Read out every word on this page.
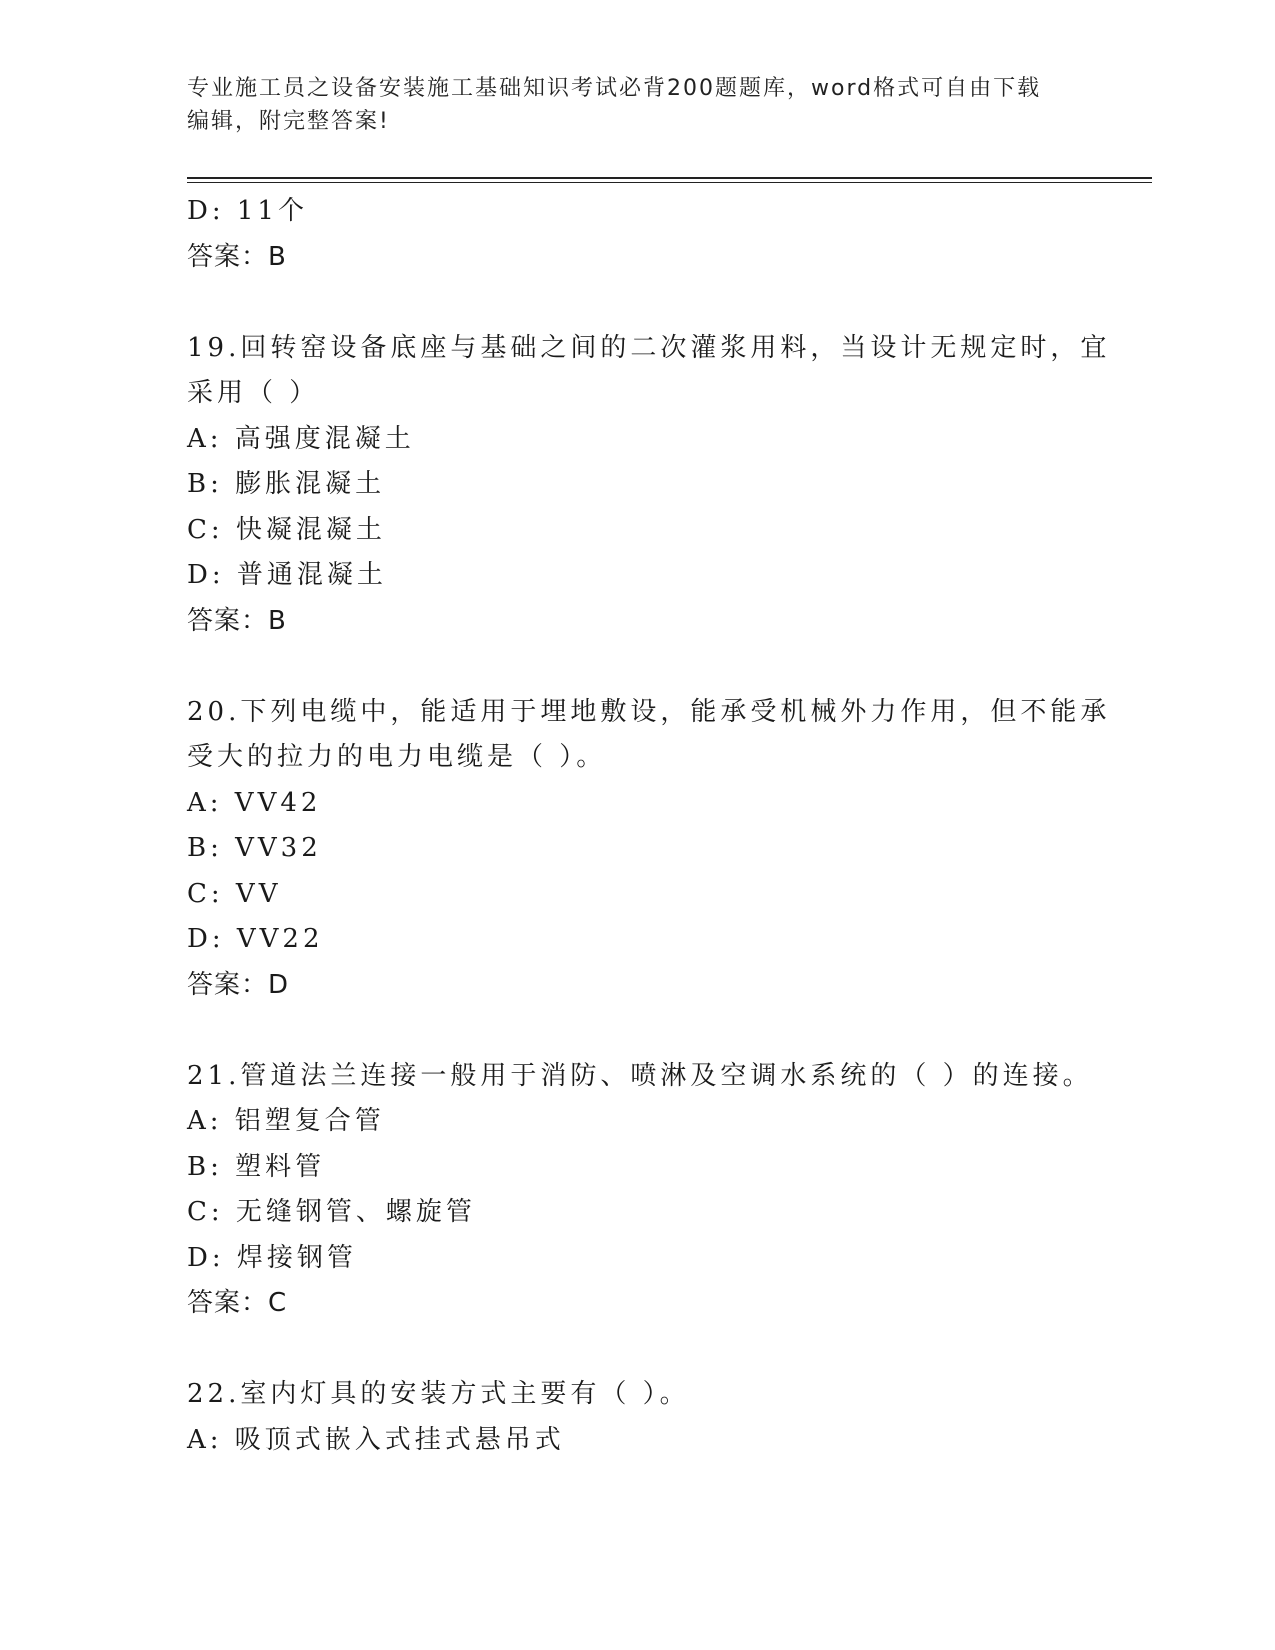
专业施工员之设备安装施工基础知识考试必背200题题库，word格式可自由下载
编辑，附完整答案!
D: 11个
答案：B
19.回转窑设备底座与基础之间的二次灌浆用料，当设计无规定时，宜
采用（ ）
A: 高强度混凝土
B: 膨胀混凝土
C: 快凝混凝土
D: 普通混凝土
答案：B
20.下列电缆中，能适用于埋地敷设，能承受机械外力作用，但不能承
受大的拉力的电力电缆是（ ）。
A: VV42
B: VV32
C: VV
D: VV22
答案：D
21.管道法兰连接一般用于消防、喷淋及空调水系统的（ ）的连接。
A: 铝塑复合管
B: 塑料管
C: 无缝钢管、螺旋管
D: 焊接钢管
答案：C
22.室内灯具的安装方式主要有（ ）。
A: 吸顶式嵌入式挂式悬吊式
